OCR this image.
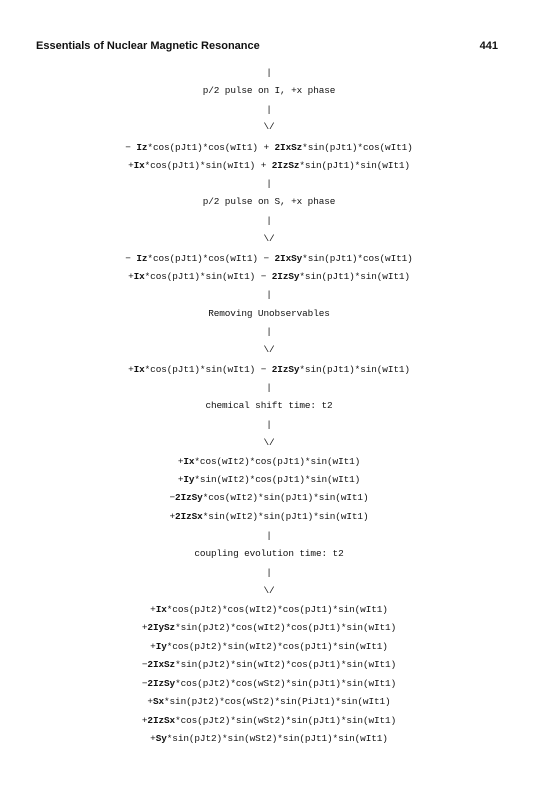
Essentials of Nuclear Magnetic Resonance	441
|
p/2 pulse on I, +x phase
|
\/
− Iz*cos(pJt1)*cos(wIt1) + 2IxSz*sin(pJt1)*cos(wIt1)
+Ix*cos(pJt1)*sin(wIt1) + 2IzSz*sin(pJt1)*sin(wIt1)
|
p/2 pulse on S, +x phase
|
\/
− Iz*cos(pJt1)*cos(wIt1) − 2IxSy*sin(pJt1)*cos(wIt1)
+Ix*cos(pJt1)*sin(wIt1) − 2IzSy*sin(pJt1)*sin(wIt1)
|
Removing Unobservables
|
\/
+Ix*cos(pJt1)*sin(wIt1) − 2IzSy*sin(pJt1)*sin(wIt1)
|
chemical shift time: t2
|
\/
+Ix*cos(wIt2)*cos(pJt1)*sin(wIt1)
+Iy*sin(wIt2)*cos(pJt1)*sin(wIt1)
−2IzSy*cos(wIt2)*sin(pJt1)*sin(wIt1)
+2IzSx*sin(wIt2)*sin(pJt1)*sin(wIt1)
|
coupling evolution time: t2
|
\/
+Ix*cos(pJt2)*cos(wIt2)*cos(pJt1)*sin(wIt1)
+2IySz*sin(pJt2)*cos(wIt2)*cos(pJt1)*sin(wIt1)
+Iy*cos(pJt2)*sin(wIt2)*cos(pJt1)*sin(wIt1)
−2IxSz*sin(pJt2)*sin(wIt2)*cos(pJt1)*sin(wIt1)
−2IzSy*cos(pJt2)*cos(wSt2)*sin(pJt1)*sin(wIt1)
+Sx*sin(pJt2)*cos(wSt2)*sin(PiJt1)*sin(wIt1)
+2IzSx*cos(pJt2)*sin(wSt2)*sin(pJt1)*sin(wIt1)
+Sy*sin(pJt2)*sin(wSt2)*sin(pJt1)*sin(wIt1)
